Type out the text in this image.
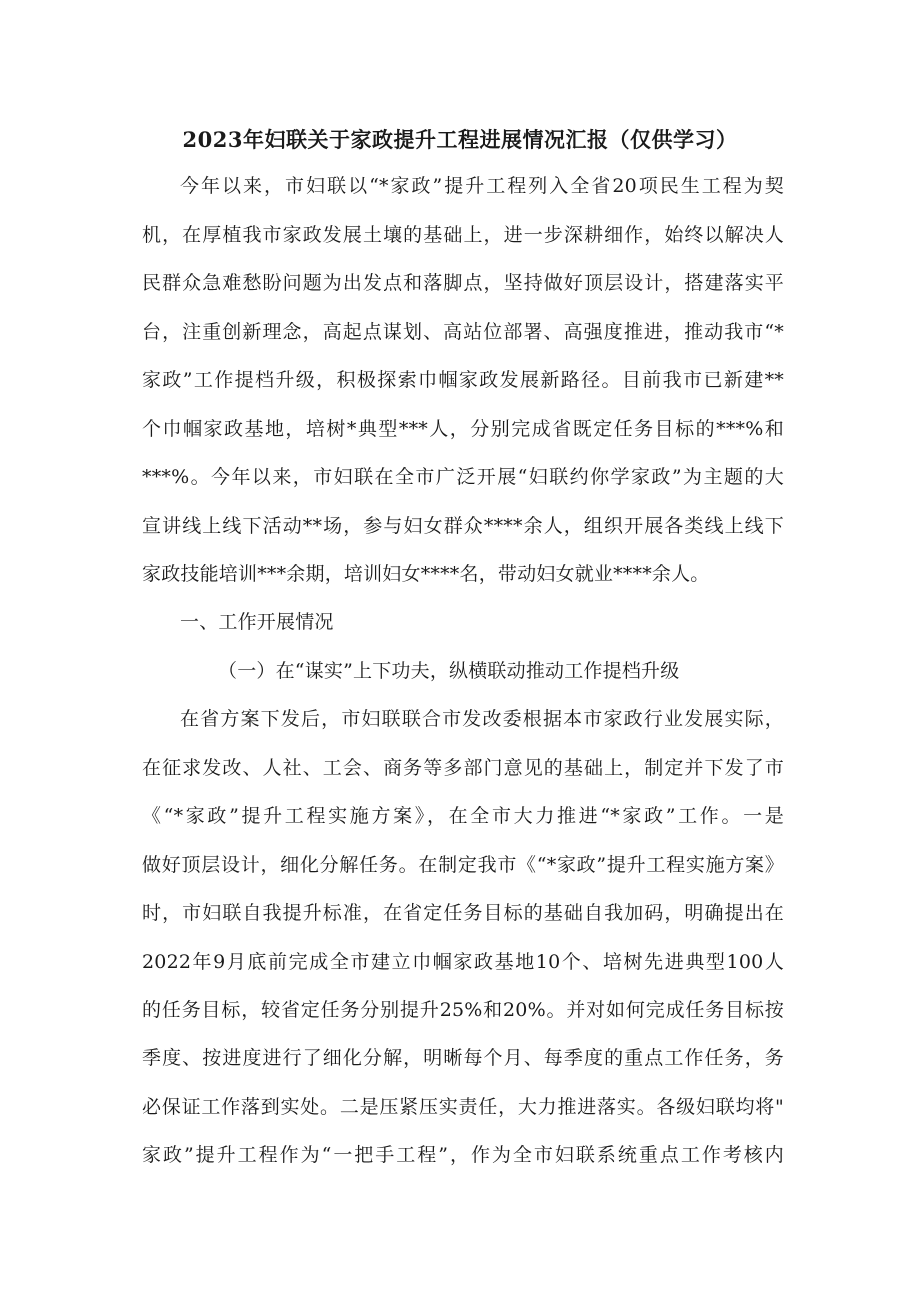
2023年妇联关于家政提升工程进展情况汇报（仅供学习）
今年以来，市妇联以“*家政”提升工程列入全省20项民生工程为契
机，在厚植我市家政发展土壤的基础上，进一步深耕细作，始终以解决人
民群众急难愁盼问题为出发点和落脚点，坚持做好顶层设计，搭建落实平
台，注重创新理念，高起点谋划、高站位部署、高强度推进，推动我市“*
家政”工作提档升级，积极探索巾帼家政发展新路径。目前我市已新建**
个巾帼家政基地，培树*典型***人，分别完成省既定任务目标的***%和
***%。今年以来，市妇联在全市广泛开展“妇联约你学家政”为主题的大
宣讲线上线下活动**场，参与妇女群众****余人，组织开展各类线上线下
家政技能培训***余期，培训妇女****名，带动妇女就业****余人。
一、工作开展情况
（一）在“谋实”上下功夫，纵横联动推动工作提档升级
在省方案下发后，市妇联联合市发改委根据本市家政行业发展实际，
在征求发改、人社、工会、商务等多部门意见的基础上，制定并下发了市
《“*家政”提升工程实施方案》，在全市大力推进“*家政”工作。一是
做好顶层设计，细化分解任务。在制定我市《“*家政”提升工程实施方案》
时，市妇联自我提升标准，在省定任务目标的基础自我加码，明确提出在
2022年9月底前完成全市建立巾帼家政基地10个、培树先进典型100人
的任务目标，较省定任务分别提升25%和20%。并对如何完成任务目标按
季度、按进度进行了细化分解，明晰每个月、每季度的重点工作任务，务
必保证工作落到实处。二是压紧压实责任，大力推进落实。各级妇联均将"
家政”提升工程作为“一把手工程”，作为全市妇联系统重点工作考核内
